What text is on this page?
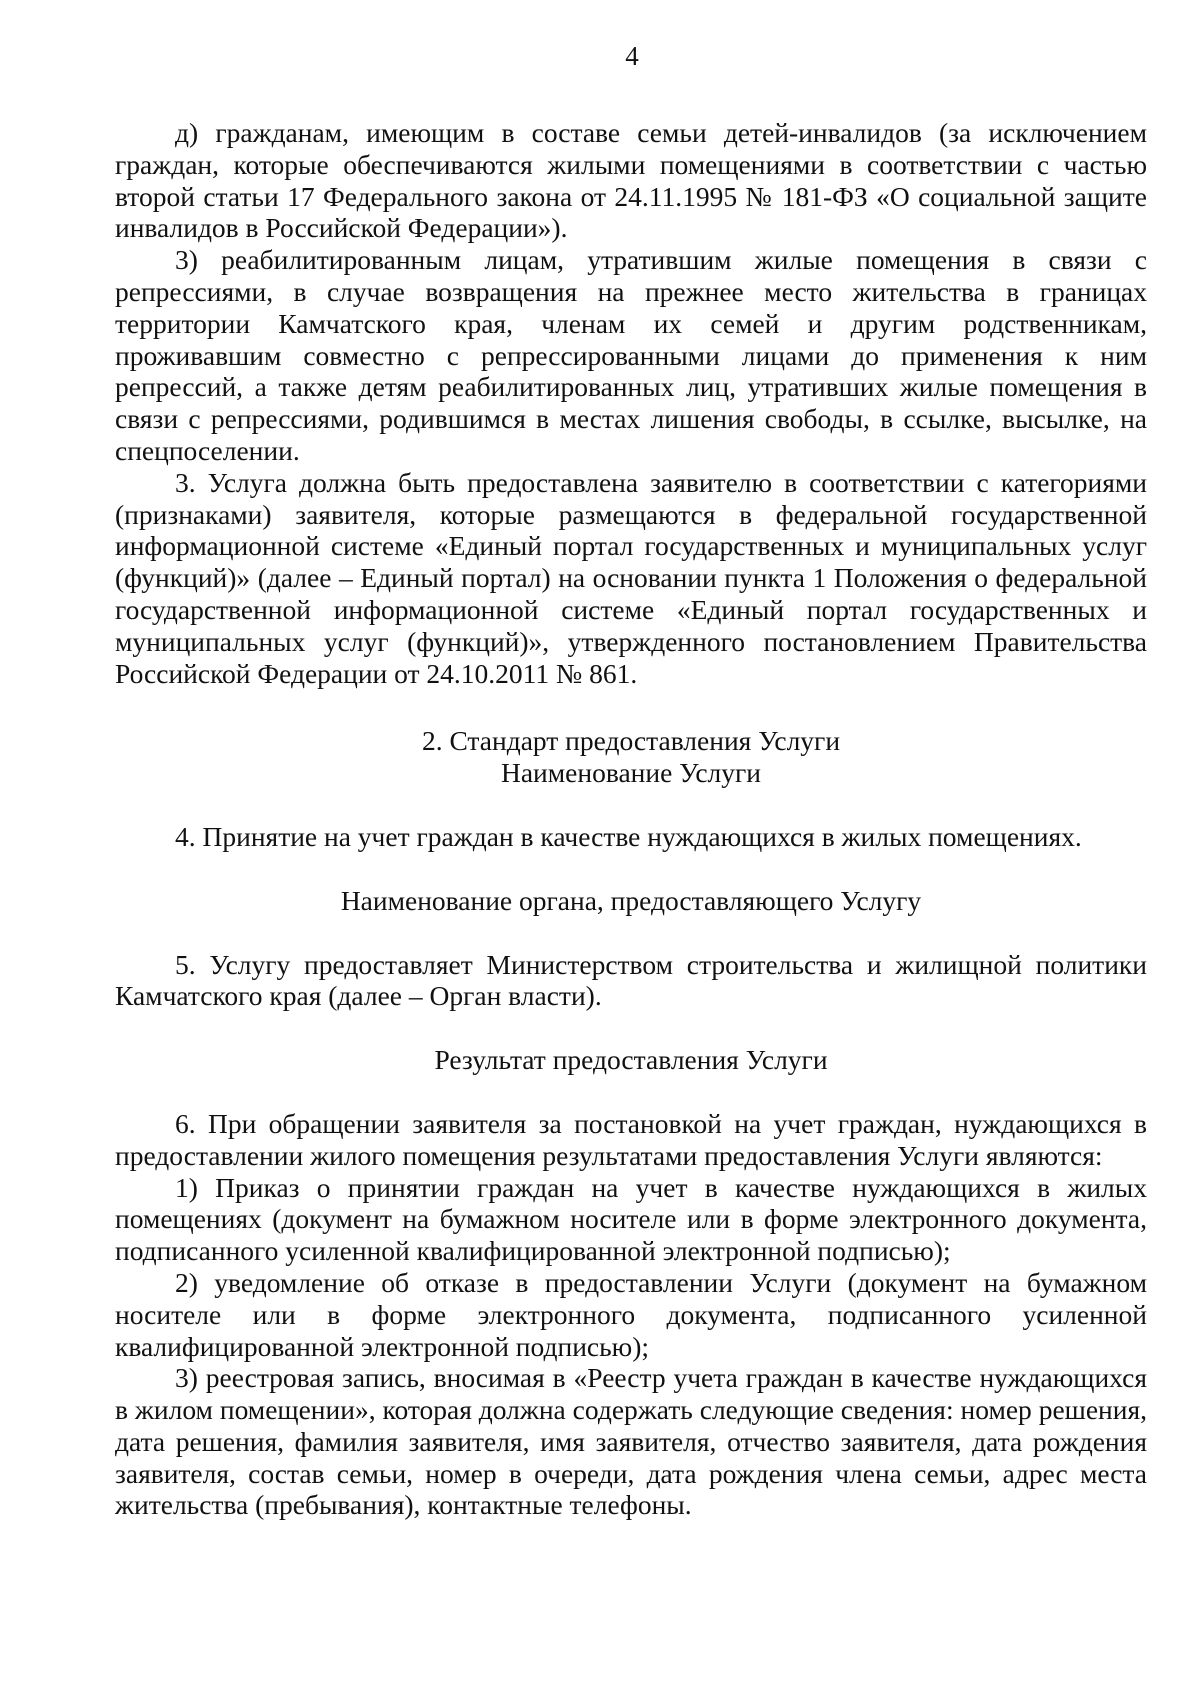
4

д) гражданам, имеющим в составе семьи детей-инвалидов (за исключением граждан, которые обеспечиваются жилыми помещениями в соответствии с частью второй статьи 17 Федерального закона от 24.11.1995 № 181-ФЗ «О социальной защите инвалидов в Российской Федерации»).

3) реабилитированным лицам, утратившим жилые помещения в связи с репрессиями, в случае возвращения на прежнее место жительства в границах территории Камчатского края, членам их семей и другим родственникам, проживавшим совместно с репрессированными лицами до применения к ним репрессий, а также детям реабилитированных лиц, утративших жилые помещения в связи с репрессиями, родившимся в местах лишения свободы, в ссылке, высылке, на спецпоселении.

3. Услуга должна быть предоставлена заявителю в соответствии с категориями (признаками) заявителя, которые размещаются в федеральной государственной информационной системе «Единый портал государственных и муниципальных услуг (функций)» (далее – Единый портал) на основании пункта 1 Положения о федеральной государственной информационной системе «Единый портал государственных и муниципальных услуг (функций)», утвержденного постановлением Правительства Российской Федерации от 24.10.2011 № 861.

2. Стандарт предоставления Услуги

Наименование Услуги

4. Принятие на учет граждан в качестве нуждающихся в жилых помещениях.

Наименование органа, предоставляющего Услугу

5. Услугу предоставляет Министерством строительства и жилищной политики Камчатского края (далее – Орган власти).

Результат предоставления Услуги

6. При обращении заявителя за постановкой на учет граждан, нуждающихся в предоставлении жилого помещения результатами предоставления Услуги являются:

1) Приказ о принятии граждан на учет в качестве нуждающихся в жилых помещениях (документ на бумажном носителе или в форме электронного документа, подписанного усиленной квалифицированной электронной подписью);

2) уведомление об отказе в предоставлении Услуги (документ на бумажном носителе или в форме электронного документа, подписанного усиленной квалифицированной электронной подписью);

3) реестровая запись, вносимая в «Реестр учета граждан в качестве нуждающихся в жилом помещении», которая должна содержать следующие сведения: номер решения, дата решения, фамилия заявителя, имя заявителя, отчество заявителя, дата рождения заявителя, состав семьи, номер в очереди, дата рождения члена семьи, адрес места жительства (пребывания), контактные телефоны.
